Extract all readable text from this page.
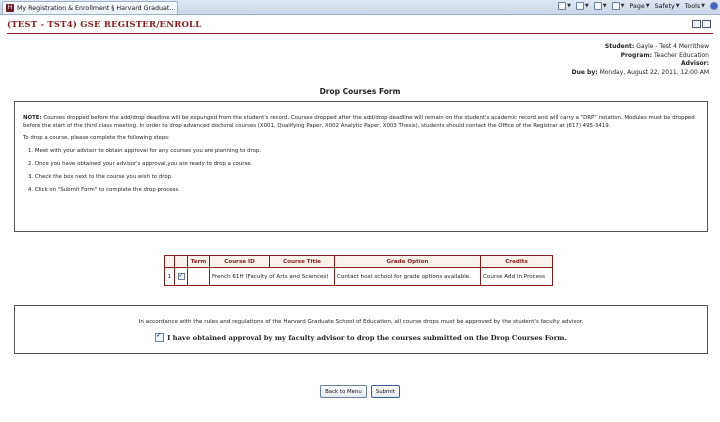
H My Registration & Enrollment § Harvard Graduat...	▼	▼	▼	▼ Page ▼ Safety ▼ Tools ▼
(TEST - TST4) GSE REGISTER/ENROLL
Student: Gayle - Test 4 Merrithew
Program: Teacher Education
Advisor:
Due by: Monday, August 22, 2011, 12:00 AM
Drop Courses Form

NOTE: Courses dropped before the add/drop deadline will be expunged from the student's record. Courses dropped after the add/drop deadline will remain on the student's academic record and will carry a "DRP" notation. Modules must be dropped before the start of the third class meeting. In order to drop advanced doctoral courses (X001, Qualifying Paper, X002 Analytic Paper, X003 Thesis), students should contact the Office of the Registrar at (617) 495-3419.

To drop a course, please complete the following steps:

1. Meet with your advisor to obtain approval for any courses you are planning to drop.
2. Once you have obtained your advisor's approval,you are ready to drop a course.
3. Check the box next to the course you wish to drop.
4. Click on "Submit Form" to complete the drop process.
		Term	Course ID	Course Title	Grade Option	Credits
1	✓		French 61H (Faculty of Arts and Sciences)		Contact host school for grade options available.	Course Add in Process
In accordance with the rules and regulations of the Harvard Graduate School of Education, all course drops must be approved by the student's faculty advisor.
✓
I have obtained approval by my faculty advisor to drop the courses submitted on the Drop Courses Form.
Back to Menu	Submit
